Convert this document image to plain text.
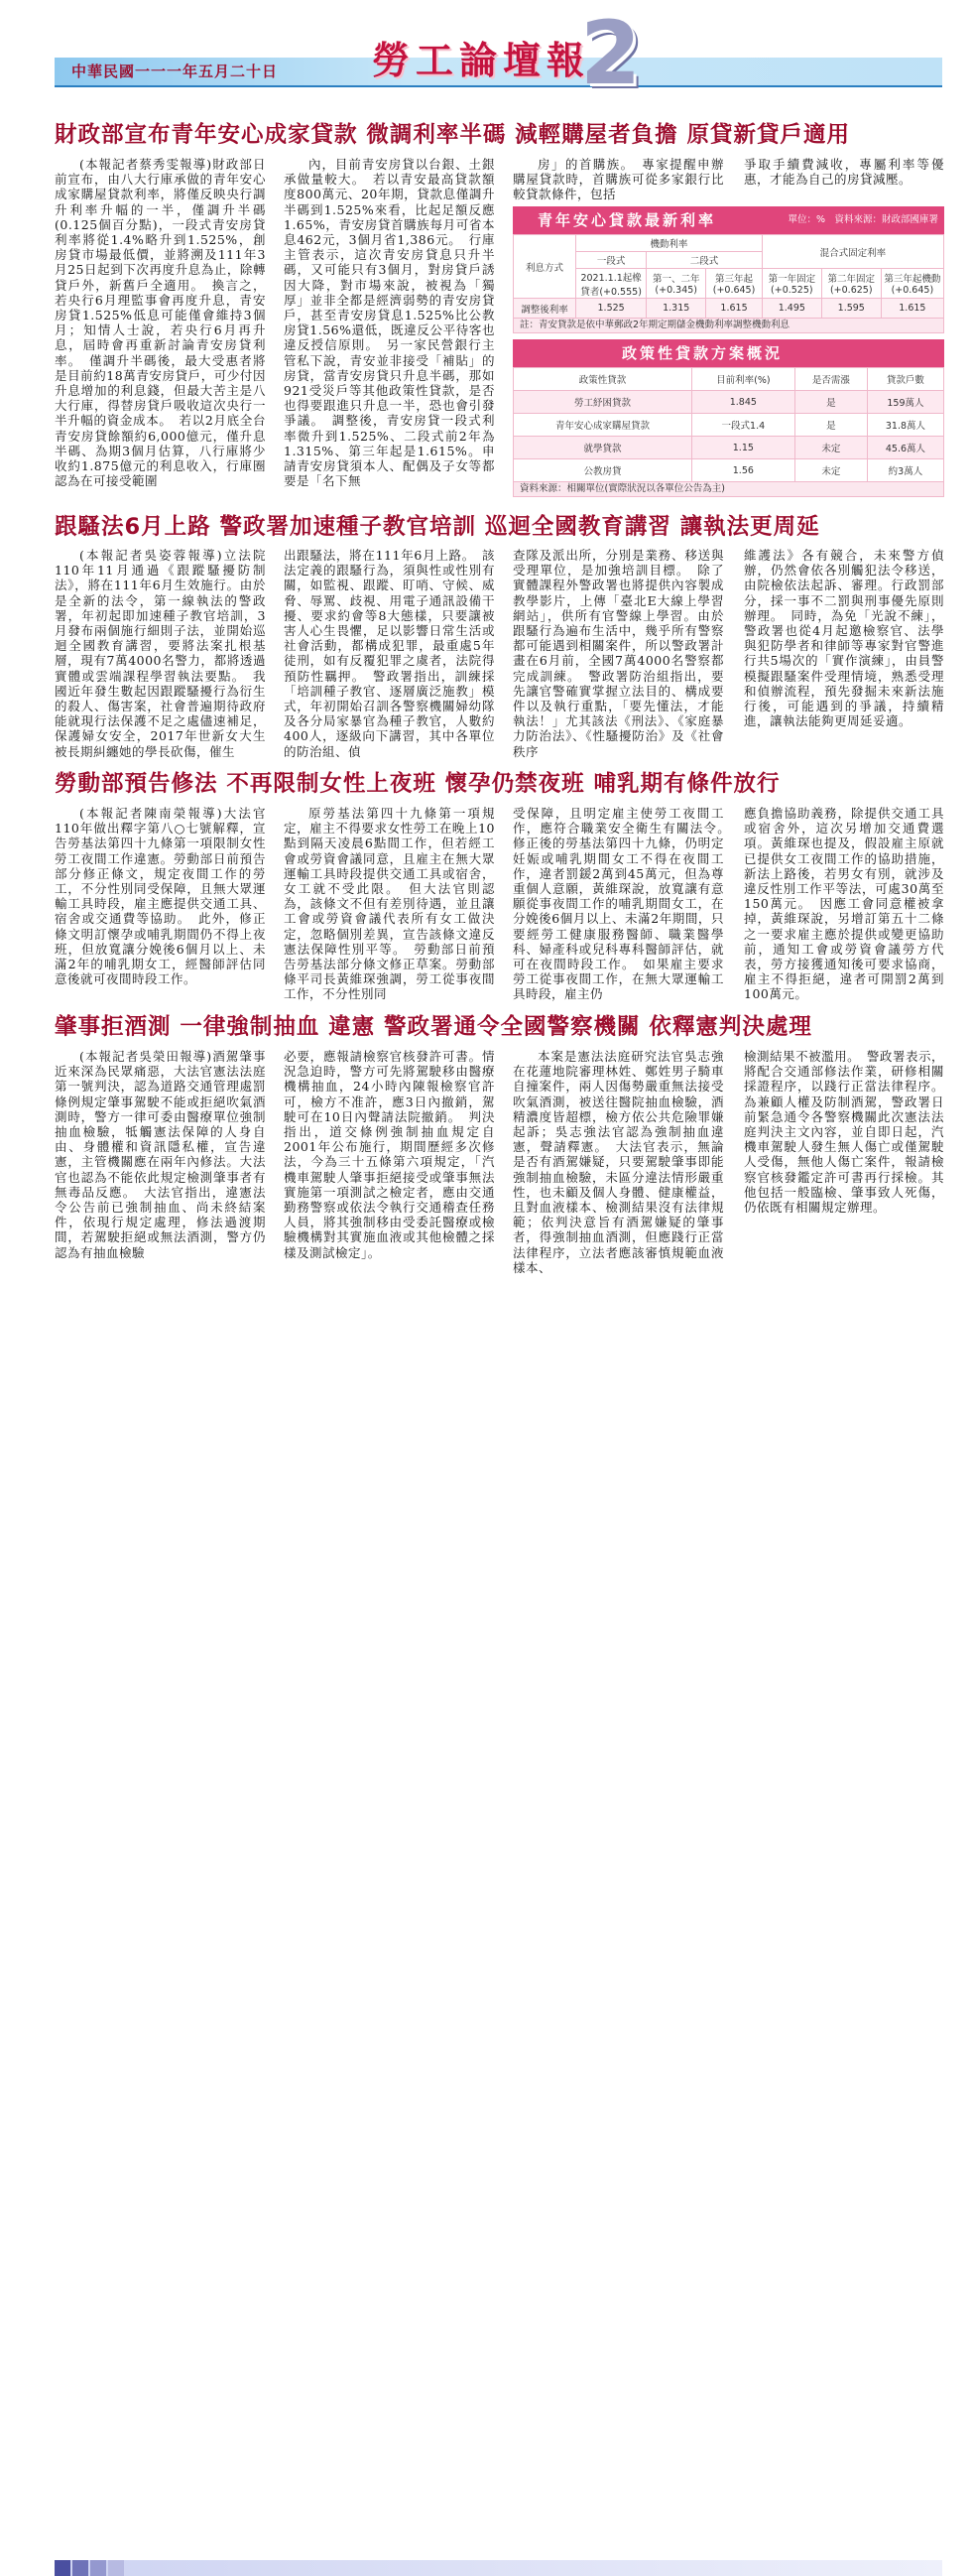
中華民國一一一年五月二十日 勞工論壇報
2
財政部宣布青年安心成家貸款 微調利率半碼 減輕購屋者負擔 原貸新貸戶適用

(本報記者蔡秀雯報導)財政部日前宣布，由八大行庫承做的青年安心成家購屋貸款利率，將僅反映央行調升利率升幅的一半，僅調升半碼(0.125個百分點)，一段式青安房貸利率將從1.4%略升到1.525%，創房貸市場最低價，並將溯及111年3月25日起到下次再度升息為止，除轉貸戶外，新舊戶全適用。　換言之，若央行6月理監事會再度升息，青安房貸1.525%低息可能僅會維持3個月；知情人士說，若央行6月再升息，屆時會再重新討論青安房貸利率。　僅調升半碼後，最大受惠者將是目前約18萬青安房貸戶，可少付因升息增加的利息錢，但最大苦主是八大行庫，得替房貸戶吸收這次央行一半升幅的資金成本。　若以2月底全台青安房貸餘額約6,000億元，僅升息半碼、為期3個月估算，八行庫將少收約1.875億元的利息收入，行庫圈認為在可接受範圍

內，目前青安房貸以台銀、土銀承做量較大。　若以青安最高貸款額度800萬元、20年期，貸款息僅調升半碼到1.525%來看，比起足額反應1.65%，青安房貸首購族每月可省本息462元，3個月省1,386元。　行庫主管表示，這次青安房貸息只升半碼，又可能只有3個月，對房貸戶誘因大降，對市場來說，被視為「獨厚」並非全都是經濟弱勢的青安房貸戶，甚至青安房貸息1.525%比公教房貸1.56%還低，既違反公平待客也違反授信原則。　另一家民營銀行主管私下說，青安並非接受「補貼」的房貸，當青安房貸只升息半碼，那如921受災戶等其他政策性貸款，是否也得要跟進只升息一半，恐也會引發爭議。　調整後，青安房貸一段式利率微升到1.525%、二段式前2年為1.315%、第三年起是1.615%。申請青安房貸須本人、配偶及子女等都要是「名下無

房」的首購族。　專家提醒申辦購屋貸款時，首購族可從多家銀行比較貸款條件，包括

爭取手續費減收，專屬利率等優惠，才能為自己的房貸減壓。

青年安心貸款最新利率	單位：%　資料來源：財政部國庫署
利息方式	機動利率			混合式固定利率		
	一段式	二段式				
	2021.1.1起橡貸者(+0.555)	第一、二年(+0.345)	第三年起(+0.645)	第一年固定(+0.525)	第二年固定(+0.625)	第三年起機動(+0.645)
調整後利率	1.525	1.315	1.615	1.495	1.595	1.615
註：青安貸款是依中華郵政2年期定期儲金機動利率調整機動利息
政策性貸款方案概況
政策性貸款	目前利率(%)	是否需漲	貸款戶數
勞工紓困貸款	1.845	是	159萬人
青年安心成家購屋貸款	一段式1.4	是	31.8萬人
就學貸款	1.15	未定	45.6萬人
公教房貸	1.56	未定	約3萬人
資料來源：相關單位(實際狀況以各單位公告為主)
跟騷法6月上路 警政署加速種子教官培訓 巡迴全國教育講習 讓執法更周延

(本報記者吳姿蓉報導)立法院110年11月通過《跟蹤騷擾防制法》，將在111年6月生效施行。由於是全新的法令，第一線執法的警政署，年初起即加速種子教官培訓，3月發布兩個施行細則子法，並開始巡迴全國教育講習，要將法案扎根基層，現有7萬4000名警力，都將透過實體或雲端課程學習執法要點。　我國近年發生數起因跟蹤騷擾行為衍生的殺人、傷害案，社會普遍期待政府能就現行法保護不足之處儘速補足，保護婦女安全，2017年世新女大生被長期糾纏她的學長砍傷，催生

出跟騷法，將在111年6月上路。　該法定義的跟騷行為，須與性或性別有關，如監視、跟蹤、盯哨、守候、威脅、辱罵、歧視、用電子通訊設備干擾、要求約會等8大態樣，只要讓被害人心生畏懼，足以影響日常生活或社會活動，都構成犯罪，最重處5年徒刑，如有反覆犯罪之虞者，法院得預防性羈押。　警政署指出，訓練採「培訓種子教官、逐層廣泛施教」模式，年初開始召訓各警察機關婦幼隊及各分局家暴官為種子教官，人數約400人，逐級向下講習，其中各單位的防治組、偵

查隊及派出所，分別是業務、移送與受理單位，是加強培訓目標。　除了實體課程外警政署也將提供內容製成教學影片，上傳「臺北E大線上學習網站」，供所有官警線上學習。由於跟騷行為遍布生活中，幾乎所有警察都可能遇到相關案件，所以警政署計畫在6月前，全國7萬4000名警察都完成訓練。　警政署防治組指出，要先讓官警確實掌握立法目的、構成要件以及執行重點，「要先懂法，才能執法！」尤其該法《刑法》、《家庭暴力防治法》、《性騷擾防治》及《社會秩序

維護法》各有競合，未來警方偵辦，仍然會依各別觸犯法令移送，由院檢依法起訴、審理。行政罰部分，採一事不二罰與刑事優先原則辦理。　同時，為免「光說不練」，警政署也從4月起邀檢察官、法學與犯防學者和律師等專家對官警進行共5場次的「實作演練」，由員警模擬跟騷案件受理情境，熟悉受理和偵辦流程，預先發掘未來新法施行後，可能遇到的爭議，持續精進，讓執法能夠更周延妥適。

勞動部預告修法 不再限制女性上夜班 懷孕仍禁夜班 哺乳期有條件放行

(本報記者陳南榮報導)大法官110年做出釋字第八○七號解釋，宣告勞基法第四十九條第一項限制女性勞工夜間工作違憲。勞動部日前預告部分修正條文，規定夜間工作的勞工，不分性別同受保障，且無大眾運輸工具時段，雇主應提供交通工具、宿舍或交通費等協助。　此外，修正條文明訂懷孕或哺乳期間仍不得上夜班，但放寬讓分娩後6個月以上、未滿2年的哺乳期女工，經醫師評估同意後就可夜間時段工作。

原勞基法第四十九條第一項規定，雇主不得要求女性勞工在晚上10點到隔天凌晨6點間工作，但若經工會或勞資會議同意，且雇主在無大眾運輸工具時段提供交通工具或宿舍，女工就不受此限。　但大法官則認為，該條文不但有差別待遇，並且讓工會或勞資會議代表所有女工做決定，忽略個別差異，宣告該條文違反憲法保障性別平等。　勞動部日前預告勞基法部分條文修正草案。勞動部條平司長黃維琛強調，勞工從事夜間工作，不分性別同

受保障，且明定雇主使勞工夜間工作，應符合職業安全衛生有關法令。　修正後的勞基法第四十九條，仍明定妊娠或哺乳期間女工不得在夜間工作，違者罰鍰2萬到45萬元，但為尊重個人意願，黃維琛說，放寬讓有意願從事夜間工作的哺乳期間女工，在分娩後6個月以上、未滿2年期間，只要經勞工健康服務醫師、職業醫學科、婦產科或兒科專科醫師評估，就可在夜間時段工作。　如果雇主要求勞工從事夜間工作，在無大眾運輸工具時段，雇主仍

應負擔協助義務，除提供交通工具或宿舍外，這次另增加交通費選項。黃維琛也提及，假設雇主原就已提供女工夜間工作的協助措施，新法上路後，若男女有別，就涉及違反性別工作平等法，可處30萬至150萬元。　因應工會同意權被拿掉，黃維琛說，另增訂第五十二條之一要求雇主應於提供或變更協助前，通知工會或勞資會議勞方代表，勞方接獲通知後可要求協商，雇主不得拒絕，違者可開罰2萬到100萬元。

肇事拒酒測 一律強制抽血 違憲 警政署通令全國警察機關 依釋憲判決處理

(本報記者吳榮田報導)酒駕肇事近來深為民眾痛惡，大法官憲法法庭第一號判決，認為道路交通管理處罰條例規定肇事駕駛不能或拒絕吹氣酒測時，警方一律可委由醫療單位強制抽血檢驗，牴觸憲法保障的人身自由、身體權和資訊隱私權，宣告違憲，主管機關應在兩年內修法。大法官也認為不能依此規定檢測肇事者有無毒品反應。　大法官指出，違憲法令公告前已強制抽血、尚未終結案件，依現行規定處理，修法過渡期間，若駕駛拒絕或無法酒測，警方仍認為有抽血檢驗

必要，應報請檢察官核發許可書。情況急迫時，警方可先將駕駛移由醫療機構抽血，24小時內陳報檢察官許可，檢方不准許，應3日內撤銷，駕駛可在10日內聲請法院撤銷。　判決指出，道交條例強制抽血規定自2001年公布施行，期間歷經多次修法，今為三十五條第六項規定，「汽機車駕駛人肇事拒絕接受或肇事無法實施第一項測試之檢定者，應由交通勤務警察或依法令執行交通稽查任務人員，將其強制移由受委託醫療或檢驗機構對其實施血液或其他檢體之採樣及測試檢定」。

本案是憲法法庭研究法官吳志強在花蓮地院審理林姓、鄭姓男子騎車自撞案件，兩人因傷勢嚴重無法接受吹氣酒測，被送往醫院抽血檢驗，酒精濃度皆超標，檢方依公共危險罪嫌起訴；吳志強法官認為強制抽血違憲，聲請釋憲。　大法官表示，無論是否有酒駕嫌疑，只要駕駛肇事即能強制抽血檢驗，未區分違法情形嚴重性，也未顧及個人身體、健康權益，且對血液樣本、檢測結果沒有法律規範；依判決意旨有酒駕嫌疑的肇事者，得強制抽血酒測，但應踐行正當法律程序，立法者應該審慎規範血液樣本、

檢測結果不被濫用。　警政署表示，將配合交通部修法作業，研修相關採證程序，以踐行正當法律程序。為兼顧人權及防制酒駕，警政署日前緊急通令各警察機關此次憲法法庭判決主文內容，並自即日起，汽機車駕駛人發生無人傷亡或僅駕駛人受傷，無他人傷亡案件，報請檢察官核發鑑定許可書再行採檢。其他包括一般臨檢、肇事致人死傷，仍依既有相關規定辦理。
